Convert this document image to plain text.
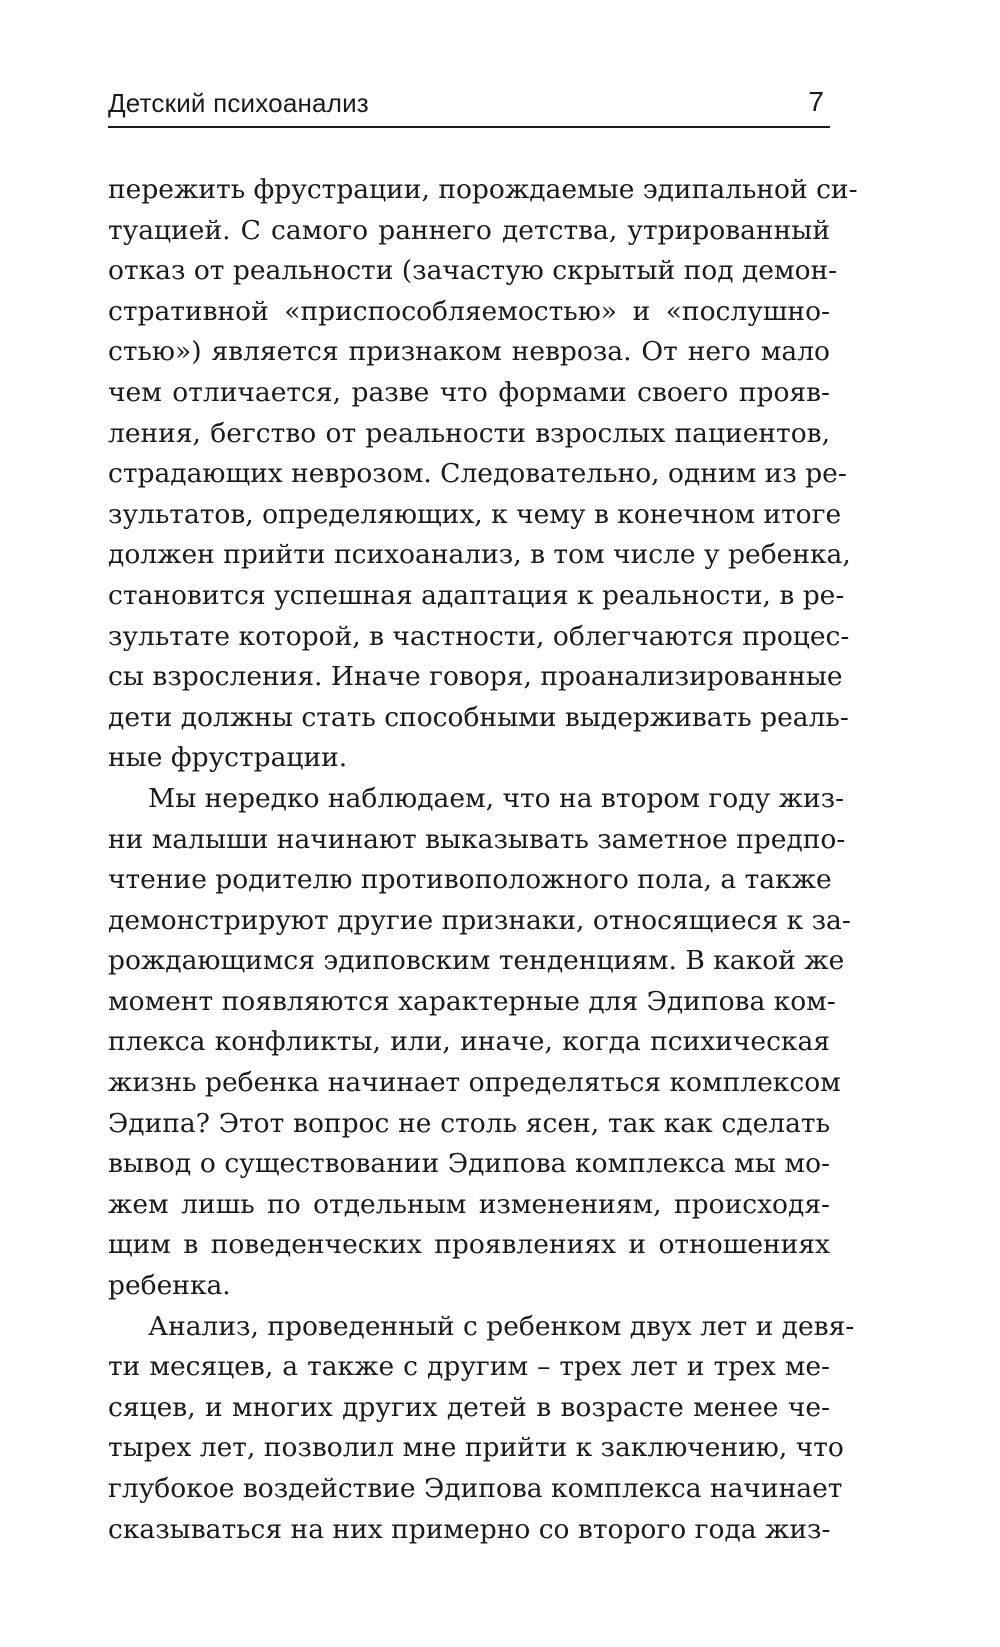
Детский психоанализ	7
пережить фрустрации, порождаемые эдипальной си-
туацией. С самого раннего детства, утрированный
отказ от реальности (зачастую скрытый под демон-
стративной «приспособляемостью» и «послушно-
стью») является признаком невроза. От него мало
чем отличается, разве что формами своего прояв-
ления, бегство от реальности взрослых пациентов,
страдающих неврозом. Следовательно, одним из ре-
зультатов, определяющих, к чему в конечном итоге
должен прийти психоанализ, в том числе у ребенка,
становится успешная адаптация к реальности, в ре-
зультате которой, в частности, облегчаются процес-
сы взросления. Иначе говоря, проанализированные
дети должны стать способными выдерживать реаль-
ные фрустрации.
Мы нередко наблюдаем, что на втором году жиз-
ни малыши начинают выказывать заметное предпо-
чтение родителю противоположного пола, а также
демонстрируют другие признаки, относящиеся к за-
рождающимся эдиповским тенденциям. В какой же
момент появляются характерные для Эдипова ком-
плекса конфликты, или, иначе, когда психическая
жизнь ребенка начинает определяться комплексом
Эдипа? Этот вопрос не столь ясен, так как сделать
вывод о существовании Эдипова комплекса мы мо-
жем лишь по отдельным изменениям, происходя-
щим в поведенческих проявлениях и отношениях
ребенка.
Анализ, проведенный с ребенком двух лет и девя-
ти месяцев, а также с другим – трех лет и трех ме-
сяцев, и многих других детей в возрасте менее че-
тырех лет, позволил мне прийти к заключению, что
глубокое воздействие Эдипова комплекса начинает
сказываться на них примерно со второго года жиз-
